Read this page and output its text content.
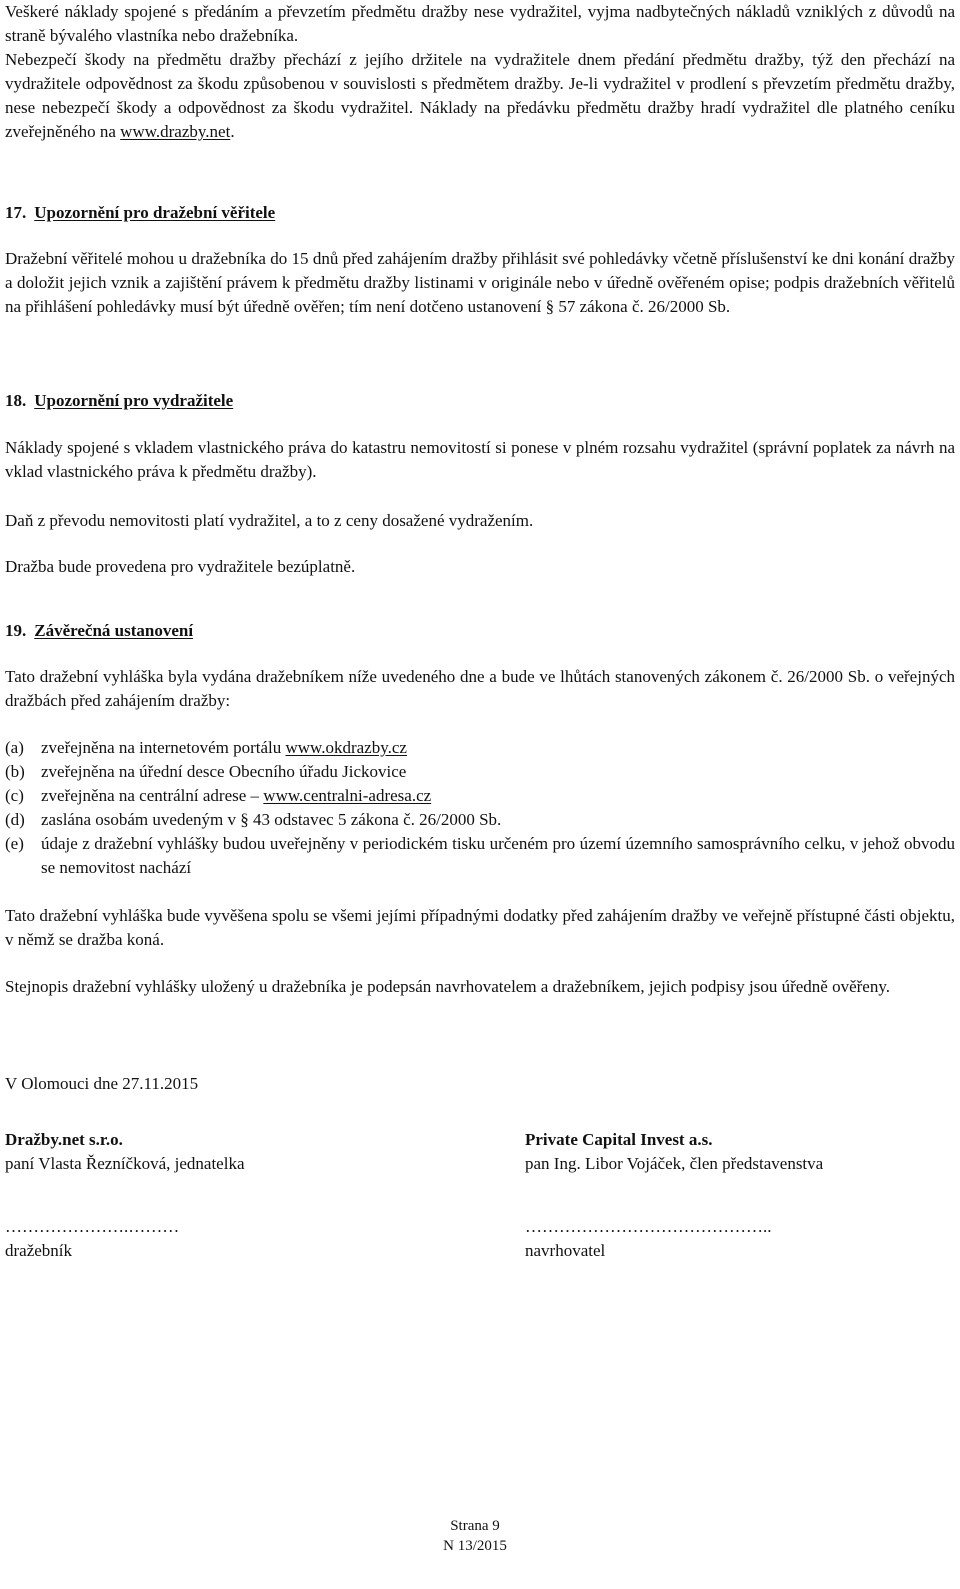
Veškeré náklady spojené s předáním a převzetím předmětu dražby nese vydražitel, vyjma nadbytečných nákladů vzniklých z důvodů na straně bývalého vlastníka nebo dražebníka.

Nebezpečí škody na předmětu dražby přechází z jejího držitele na vydražitele dnem předání předmětu dražby, týž den přechází na vydražitele odpovědnost za škodu způsobenou v souvislosti s předmětem dražby. Je-li vydražitel v prodlení s převzetím předmětu dražby, nese nebezpečí škody a odpovědnost za škodu vydražitel. Náklady na předávku předmětu dražby hradí vydražitel dle platného ceníku zveřejněného na www.drazby.net.

17. Upozornění pro dražební věřitele

Dražební věřitelé mohou u dražebníka do 15 dnů před zahájením dražby přihlásit své pohledávky včetně příslušenství ke dni konání dražby a doložit jejich vznik a zajištění právem k předmětu dražby listinami v originále nebo v úředně ověřeném opise; podpis dražebních věřitelů na přihlášení pohledávky musí být úředně ověřen; tím není dotčeno ustanovení § 57 zákona č. 26/2000 Sb.

18. Upozornění pro vydražitele

Náklady spojené s vkladem vlastnického práva do katastru nemovitostí si ponese v plném rozsahu vydražitel (správní poplatek za návrh na vklad vlastnického práva k předmětu dražby).

Daň z převodu nemovitosti platí vydražitel, a to z ceny dosažené vydražením.

Dražba bude provedena pro vydražitele bezúplatně.

19. Závěrečná ustanovení

Tato dražební vyhláška byla vydána dražebníkem níže uvedeného dne a bude ve lhůtách stanovených zákonem č. 26/2000 Sb. o veřejných dražbách před zahájením dražby:

(a)	zveřejněna na internetovém portálu www.okdrazby.cz
(b) zveřejněna na úřední desce Obecního úřadu Jickovice
(c)	zveřejněna na centrální adrese – www.centralni-adresa.cz
(d) zaslána osobám uvedeným v § 43 odstavec 5 zákona č. 26/2000 Sb.
(e)	údaje z dražební vyhlášky budou uveřejněny v periodickém tisku určeném pro území územního samosprávního celku, v jehož obvodu se nemovitost nachází

Tato dražební vyhláška bude vyvěšena spolu se všemi jejími případnými dodatky před zahájením dražby ve veřejně přístupné části objektu, v němž se dražba koná.

Stejnopis dražební vyhlášky uložený u dražebníka je podepsán navrhovatelem a dražebníkem, jejich podpisy jsou úředně ověřeny.

V Olomouci dne 27.11.2015

Dražby.net s.r.o.
paní Vlasta Řezníčková, jednatelka
………………….………
dražebník
Private Capital Invest a.s.
pan Ing. Libor Vojáček, člen představenstva
……………………………………..
navrhovatel
Strana 9
N 13/2015
